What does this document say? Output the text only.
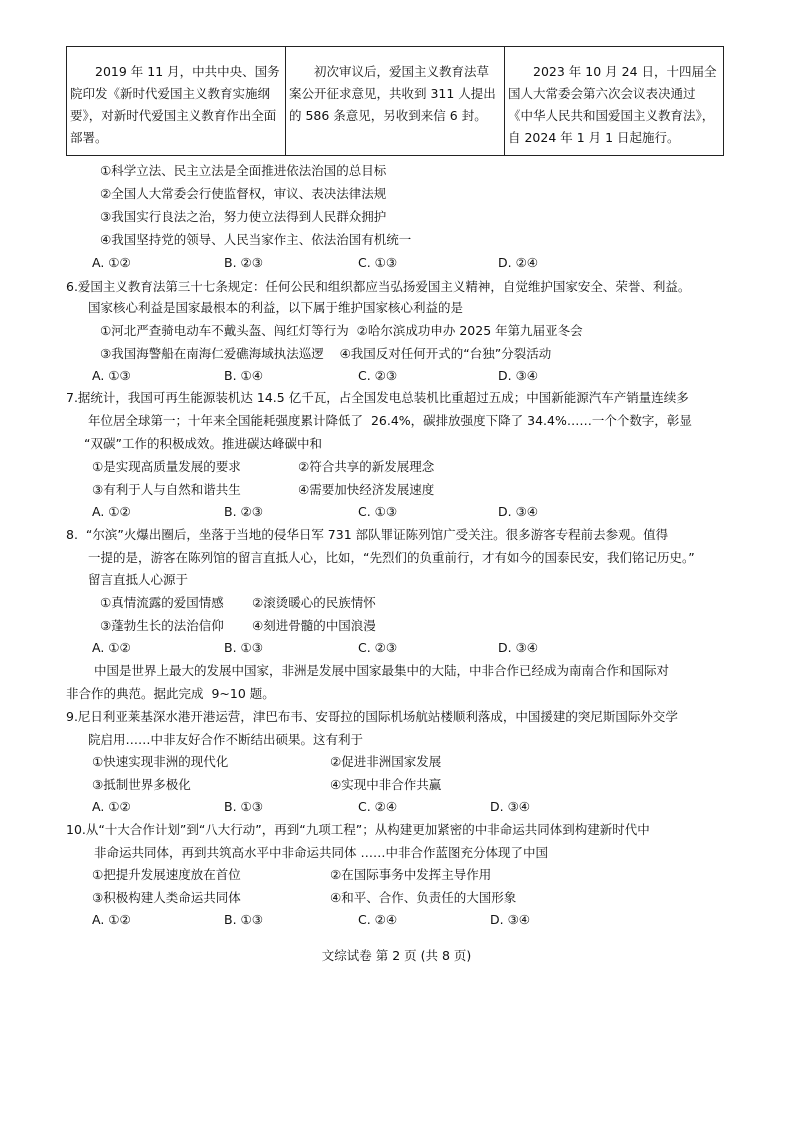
　　2019 年 11 月，中共中央、国务院印发《新时代爱国主义教育实施纲要》，对新时代爱国主义教育作出全面部署。	　　初次审议后，爱国主义教育法草案公开征求意见，共收到 311 人提出的 586 条意见，另收到来信 6 封。	　　2023 年 10 月 24 日，十四届全国人大常委会第六次会议表决通过《中华人民共和国爱国主义教育法》，自 2024 年 1 月 1 日起施行。
①科学立法、民主立法是全面推进依法治国的总目标
②全国人大常委会行使监督权，审议、表决法律法规
③我国实行良法之治，努力使立法得到人民群众拥护
④我国坚持党的领导、人民当家作主、依法治国有机统一
A. ①②	B. ②③	C. ①③	D. ②④
6.爱国主义教育法第三十七条规定：任何公民和组织都应当弘扬爱国主义精神，自觉维护国家安全、荣誉、利益。
国家核心利益是国家最根本的利益，以下属于维护国家核心利益的是
①河北严查骑电动车不戴头盔、闯红灯等行为  ②哈尔滨成功申办 2025 年第九届亚冬会
③我国海警船在南海仁爱礁海域执法巡逻    ④我国反对任何开式的“台独”分裂活动
A. ①③	B. ①④	C. ②③	D. ③④
7.据统计，我国可再生能源装机达 14.5 亿千瓦，占全国发电总装机比重超过五成；中国新能源汽车产销量连续多
年位居全球第一；十年来全国能耗强度累计降低了  26.4%，碳排放强度下降了 34.4%……一个个数字，彰显
“双碳”工作的积极成效。推进碳达峰碳中和
①是实现高质量发展的要求	②符合共享的新发展理念
③有利于人与自然和谐共生	④需要加快经济发展速度
A. ①②	B. ②③	C. ①③	D. ③④
8.  “尔滨”火爆出圈后，坐落于当地的侵华日军 731 部队罪证陈列馆广受关注。很多游客专程前去参观。值得
一提的是，游客在陈列馆的留言直抵人心，比如，“先烈们的负重前行，才有如今的国泰民安，我们铭记历史。”
留言直抵人心源于
①真情流露的爱国情感 ②滚烫暖心的民族情怀
③蓬勃生长的法治信仰 ④刻进骨髓的中国浪漫
A. ①②	B. ①③	C. ②③	D. ③④
中国是世界上最大的发展中国家，非洲是发展中国家最集中的大陆，中非合作已经成为南南合作和国际对
非合作的典范。据此完成  9~10 题。
9.尼日利亚莱基深水港开港运营，津巴布韦、安哥拉的国际机场航站楼顺利落成，中国援建的突尼斯国际外交学
院启用……中非友好合作不断结出硕果。这有利于
①快速实现非洲的现代化	②促进非洲国家发展
③抵制世界多极化	④实现中非合作共赢
A. ①②	B. ①③	C. ②④	D. ③④
10.从“十大合作计划”到“八大行动”，再到“九项工程”；从构建更加紧密的中非命运共同体到构建新时代中
非命运共同体，再到共筑高水平中非命运共同体 ……中非合作蓝图充分体现了中国
①把提升发展速度放在首位	②在国际事务中发挥主导作用
③积极构建人类命运共同体	④和平、合作、负责任的大国形象
A. ①②	B. ①③	C. ②④	D. ③④
文综试卷 第 2 页 (共 8 页)
